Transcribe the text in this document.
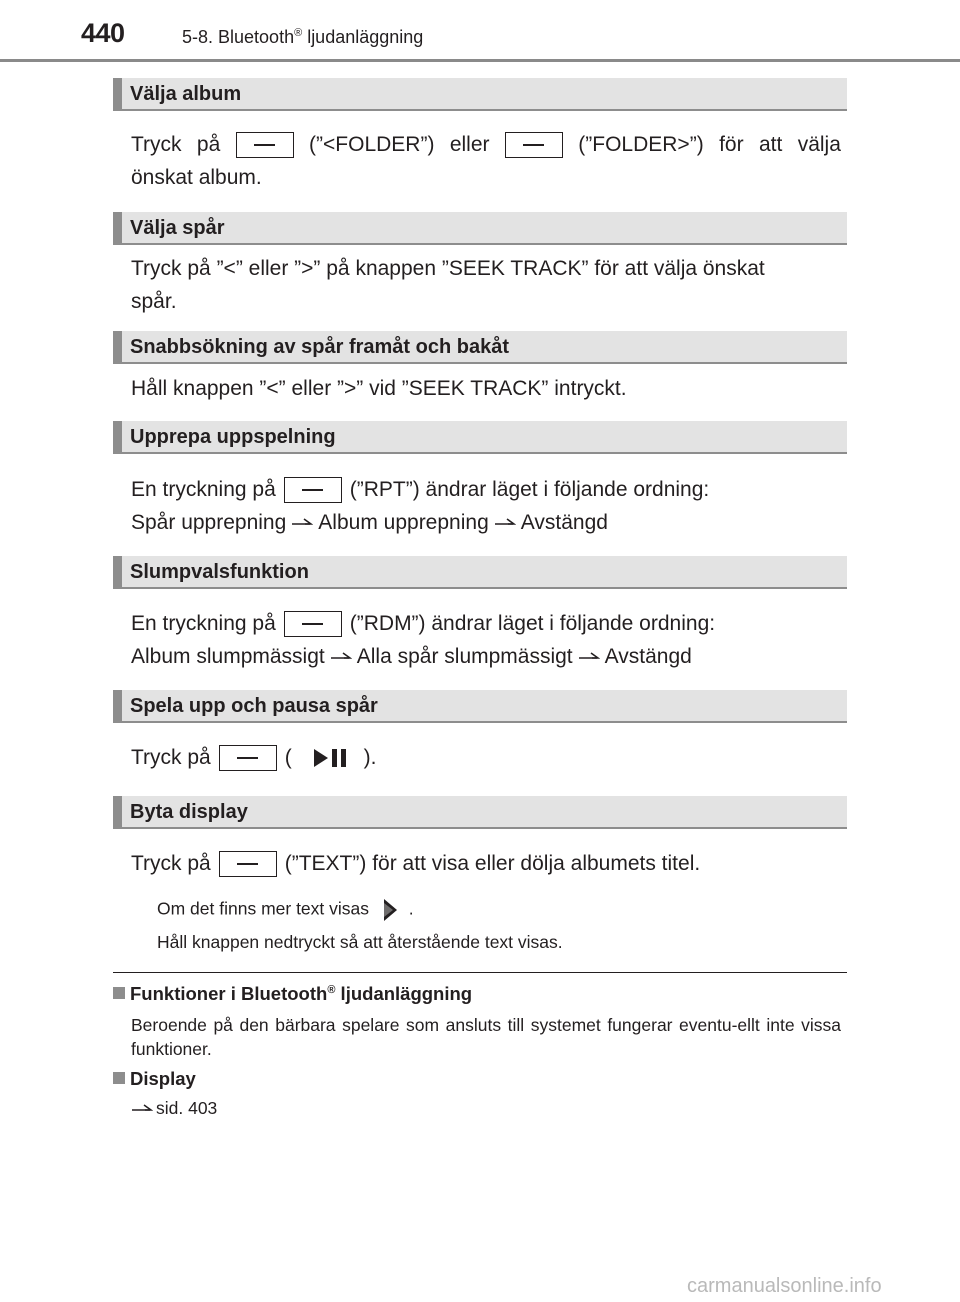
440	5-8. Bluetooth® ljudanläggning
Välja album
Tryck på	(”<FOLDER”) eller	(”FOLDER>”) för att välja
önskat album.
Välja spår
Tryck på ”<” eller ”>” på knappen ”SEEK TRACK” för att välja önskat
spår.
Snabbsökning av spår framåt och bakåt
Håll knappen ”<” eller ”>” vid ”SEEK TRACK” intryckt.
Upprepa uppspelning
En tryckning på	(”RPT”) ändrar läget i följande ordning:
Spår upprepning Album upprepning Avstängd
Slumpvalsfunktion
En tryckning på	(”RDM”) ändrar läget i följande ordning:
Album slumpmässigt Alla spår slumpmässigt Avstängd
Spela upp och pausa spår
Tryck på	(	).
Byta display
Tryck på	(”TEXT”) för att visa eller dölja albumets titel.
Om det finns mer text visas .
Håll knappen nedtryckt så att återstående text visas.
Funktioner i Bluetooth® ljudanläggning
Beroende på den bärbara spelare som ansluts till systemet fungerar eventu-ellt inte vissa funktioner.
Display
sid. 403
carmanualsonline.info
